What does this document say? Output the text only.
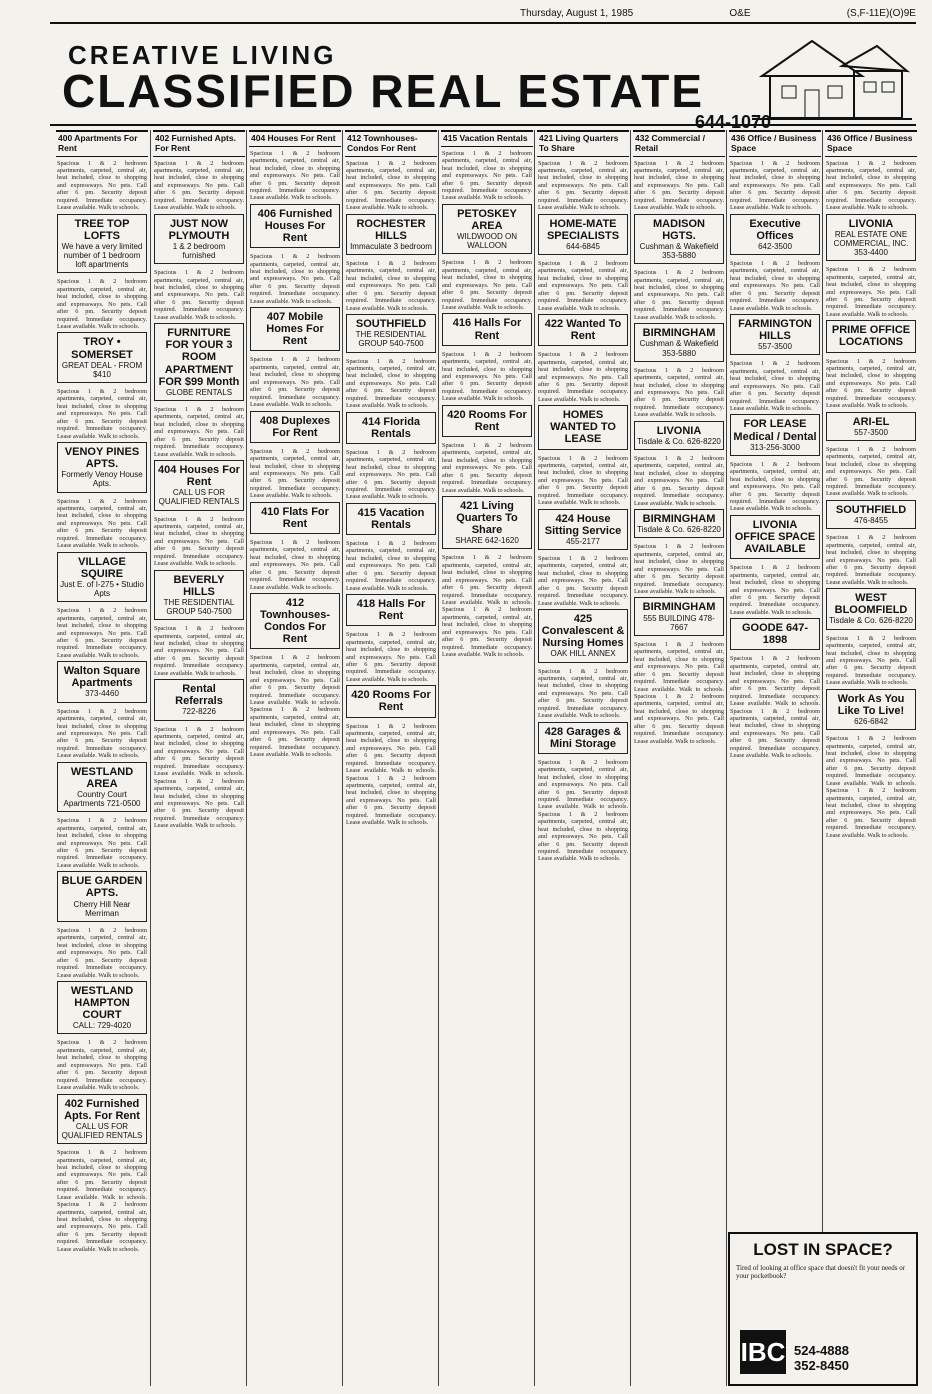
Thursday, August 1, 1985	O&E	(S,F-11E)(O)9E
CREATIVE LIVING
CLASSIFIED REAL ESTATE
644-1070
400 Apartments For Rent
Spacious 1 & 2 bedroom apartments, carpeted, central air, heat included, close to shopping and expressways. No pets. Call after 6 pm. Security deposit required. Immediate occupancy. Lease available. Walk to schools.
TREE TOP LOFTS
We have a very limited number of 1 bedroom loft apartments
Spacious 1 & 2 bedroom apartments, carpeted, central air, heat included, close to shopping and expressways. No pets. Call after 6 pm. Security deposit required. Immediate occupancy. Lease available. Walk to schools.
TROY • SOMERSET
GREAT DEAL - FROM $410
Spacious 1 & 2 bedroom apartments, carpeted, central air, heat included, close to shopping and expressways. No pets. Call after 6 pm. Security deposit required. Immediate occupancy. Lease available. Walk to schools.
VENOY PINES APTS.
Formerly Venoy House Apts.
Spacious 1 & 2 bedroom apartments, carpeted, central air, heat included, close to shopping and expressways. No pets. Call after 6 pm. Security deposit required. Immediate occupancy. Lease available. Walk to schools.
VILLAGE SQUIRE
Just E. of I-275 • Studio Apts
Spacious 1 & 2 bedroom apartments, carpeted, central air, heat included, close to shopping and expressways. No pets. Call after 6 pm. Security deposit required. Immediate occupancy. Lease available. Walk to schools.
Walton Square Apartments
373-4460
Spacious 1 & 2 bedroom apartments, carpeted, central air, heat included, close to shopping and expressways. No pets. Call after 6 pm. Security deposit required. Immediate occupancy. Lease available. Walk to schools.
WESTLAND AREA
Country Court Apartments 721-0500
Spacious 1 & 2 bedroom apartments, carpeted, central air, heat included, close to shopping and expressways. No pets. Call after 6 pm. Security deposit required. Immediate occupancy. Lease available. Walk to schools.
BLUE GARDEN APTS.
Cherry Hill Near Merriman
Spacious 1 & 2 bedroom apartments, carpeted, central air, heat included, close to shopping and expressways. No pets. Call after 6 pm. Security deposit required. Immediate occupancy. Lease available. Walk to schools.
WESTLAND HAMPTON COURT
CALL: 729-4020
Spacious 1 & 2 bedroom apartments, carpeted, central air, heat included, close to shopping and expressways. No pets. Call after 6 pm. Security deposit required. Immediate occupancy. Lease available. Walk to schools.
402 Furnished Apts. For Rent
CALL US FOR QUALIFIED RENTALS
Spacious 1 & 2 bedroom apartments, carpeted, central air, heat included, close to shopping and expressways. No pets. Call after 6 pm. Security deposit required. Immediate occupancy. Lease available. Walk to schools. Spacious 1 & 2 bedroom apartments, carpeted, central air, heat included, close to shopping and expressways. No pets. Call after 6 pm. Security deposit required. Immediate occupancy. Lease available. Walk to schools.
402 Furnished Apts. For Rent
Spacious 1 & 2 bedroom apartments, carpeted, central air, heat included, close to shopping and expressways. No pets. Call after 6 pm. Security deposit required. Immediate occupancy. Lease available. Walk to schools.
JUST NOW PLYMOUTH
1 & 2 bedroom furnished
Spacious 1 & 2 bedroom apartments, carpeted, central air, heat included, close to shopping and expressways. No pets. Call after 6 pm. Security deposit required. Immediate occupancy. Lease available. Walk to schools.
FURNITURE FOR YOUR 3 ROOM APARTMENT FOR $99 Month
GLOBE RENTALS
Spacious 1 & 2 bedroom apartments, carpeted, central air, heat included, close to shopping and expressways. No pets. Call after 6 pm. Security deposit required. Immediate occupancy. Lease available. Walk to schools.
404 Houses For Rent
CALL US FOR QUALIFIED RENTALS
Spacious 1 & 2 bedroom apartments, carpeted, central air, heat included, close to shopping and expressways. No pets. Call after 6 pm. Security deposit required. Immediate occupancy. Lease available. Walk to schools.
BEVERLY HILLS
THE RESIDENTIAL GROUP 540-7500
Spacious 1 & 2 bedroom apartments, carpeted, central air, heat included, close to shopping and expressways. No pets. Call after 6 pm. Security deposit required. Immediate occupancy. Lease available. Walk to schools.
Rental Referrals
722-8226
Spacious 1 & 2 bedroom apartments, carpeted, central air, heat included, close to shopping and expressways. No pets. Call after 6 pm. Security deposit required. Immediate occupancy. Lease available. Walk to schools. Spacious 1 & 2 bedroom apartments, carpeted, central air, heat included, close to shopping and expressways. No pets. Call after 6 pm. Security deposit required. Immediate occupancy. Lease available. Walk to schools.
404 Houses For Rent
Spacious 1 & 2 bedroom apartments, carpeted, central air, heat included, close to shopping and expressways. No pets. Call after 6 pm. Security deposit required. Immediate occupancy. Lease available. Walk to schools.
406 Furnished Houses For Rent
Spacious 1 & 2 bedroom apartments, carpeted, central air, heat included, close to shopping and expressways. No pets. Call after 6 pm. Security deposit required. Immediate occupancy. Lease available. Walk to schools.
407 Mobile Homes For Rent
Spacious 1 & 2 bedroom apartments, carpeted, central air, heat included, close to shopping and expressways. No pets. Call after 6 pm. Security deposit required. Immediate occupancy. Lease available. Walk to schools.
408 Duplexes For Rent
Spacious 1 & 2 bedroom apartments, carpeted, central air, heat included, close to shopping and expressways. No pets. Call after 6 pm. Security deposit required. Immediate occupancy. Lease available. Walk to schools.
410 Flats For Rent
Spacious 1 & 2 bedroom apartments, carpeted, central air, heat included, close to shopping and expressways. No pets. Call after 6 pm. Security deposit required. Immediate occupancy. Lease available. Walk to schools.
412 Townhouses-Condos For Rent
Spacious 1 & 2 bedroom apartments, carpeted, central air, heat included, close to shopping and expressways. No pets. Call after 6 pm. Security deposit required. Immediate occupancy. Lease available. Walk to schools. Spacious 1 & 2 bedroom apartments, carpeted, central air, heat included, close to shopping and expressways. No pets. Call after 6 pm. Security deposit required. Immediate occupancy. Lease available. Walk to schools.
412 Townhouses-Condos For Rent
Spacious 1 & 2 bedroom apartments, carpeted, central air, heat included, close to shopping and expressways. No pets. Call after 6 pm. Security deposit required. Immediate occupancy. Lease available. Walk to schools.
ROCHESTER HILLS
Immaculate 3 bedroom
Spacious 1 & 2 bedroom apartments, carpeted, central air, heat included, close to shopping and expressways. No pets. Call after 6 pm. Security deposit required. Immediate occupancy. Lease available. Walk to schools.
SOUTHFIELD
THE RESIDENTIAL GROUP 540-7500
Spacious 1 & 2 bedroom apartments, carpeted, central air, heat included, close to shopping and expressways. No pets. Call after 6 pm. Security deposit required. Immediate occupancy. Lease available. Walk to schools.
414 Florida Rentals
Spacious 1 & 2 bedroom apartments, carpeted, central air, heat included, close to shopping and expressways. No pets. Call after 6 pm. Security deposit required. Immediate occupancy. Lease available. Walk to schools.
415 Vacation Rentals
Spacious 1 & 2 bedroom apartments, carpeted, central air, heat included, close to shopping and expressways. No pets. Call after 6 pm. Security deposit required. Immediate occupancy. Lease available. Walk to schools.
418 Halls For Rent
Spacious 1 & 2 bedroom apartments, carpeted, central air, heat included, close to shopping and expressways. No pets. Call after 6 pm. Security deposit required. Immediate occupancy. Lease available. Walk to schools.
420 Rooms For Rent
Spacious 1 & 2 bedroom apartments, carpeted, central air, heat included, close to shopping and expressways. No pets. Call after 6 pm. Security deposit required. Immediate occupancy. Lease available. Walk to schools. Spacious 1 & 2 bedroom apartments, carpeted, central air, heat included, close to shopping and expressways. No pets. Call after 6 pm. Security deposit required. Immediate occupancy. Lease available. Walk to schools.
415 Vacation Rentals
Spacious 1 & 2 bedroom apartments, carpeted, central air, heat included, close to shopping and expressways. No pets. Call after 6 pm. Security deposit required. Immediate occupancy. Lease available. Walk to schools.
PETOSKEY AREA
WILDWOOD ON WALLOON
Spacious 1 & 2 bedroom apartments, carpeted, central air, heat included, close to shopping and expressways. No pets. Call after 6 pm. Security deposit required. Immediate occupancy. Lease available. Walk to schools.
416 Halls For Rent
Spacious 1 & 2 bedroom apartments, carpeted, central air, heat included, close to shopping and expressways. No pets. Call after 6 pm. Security deposit required. Immediate occupancy. Lease available. Walk to schools.
420 Rooms For Rent
Spacious 1 & 2 bedroom apartments, carpeted, central air, heat included, close to shopping and expressways. No pets. Call after 6 pm. Security deposit required. Immediate occupancy. Lease available. Walk to schools.
421 Living Quarters To Share
SHARE 642-1620
Spacious 1 & 2 bedroom apartments, carpeted, central air, heat included, close to shopping and expressways. No pets. Call after 6 pm. Security deposit required. Immediate occupancy. Lease available. Walk to schools. Spacious 1 & 2 bedroom apartments, carpeted, central air, heat included, close to shopping and expressways. No pets. Call after 6 pm. Security deposit required. Immediate occupancy. Lease available. Walk to schools.
421 Living Quarters To Share
Spacious 1 & 2 bedroom apartments, carpeted, central air, heat included, close to shopping and expressways. No pets. Call after 6 pm. Security deposit required. Immediate occupancy. Lease available. Walk to schools.
HOME-MATE SPECIALISTS
644-6845
Spacious 1 & 2 bedroom apartments, carpeted, central air, heat included, close to shopping and expressways. No pets. Call after 6 pm. Security deposit required. Immediate occupancy. Lease available. Walk to schools.
422 Wanted To Rent
Spacious 1 & 2 bedroom apartments, carpeted, central air, heat included, close to shopping and expressways. No pets. Call after 6 pm. Security deposit required. Immediate occupancy. Lease available. Walk to schools.
HOMES WANTED TO LEASE
Spacious 1 & 2 bedroom apartments, carpeted, central air, heat included, close to shopping and expressways. No pets. Call after 6 pm. Security deposit required. Immediate occupancy. Lease available. Walk to schools.
424 House Sitting Service
455-2177
Spacious 1 & 2 bedroom apartments, carpeted, central air, heat included, close to shopping and expressways. No pets. Call after 6 pm. Security deposit required. Immediate occupancy. Lease available. Walk to schools.
425 Convalescent & Nursing Homes
OAK HILL ANNEX
Spacious 1 & 2 bedroom apartments, carpeted, central air, heat included, close to shopping and expressways. No pets. Call after 6 pm. Security deposit required. Immediate occupancy. Lease available. Walk to schools.
428 Garages & Mini Storage
Spacious 1 & 2 bedroom apartments, carpeted, central air, heat included, close to shopping and expressways. No pets. Call after 6 pm. Security deposit required. Immediate occupancy. Lease available. Walk to schools. Spacious 1 & 2 bedroom apartments, carpeted, central air, heat included, close to shopping and expressways. No pets. Call after 6 pm. Security deposit required. Immediate occupancy. Lease available. Walk to schools.
432 Commercial / Retail
Spacious 1 & 2 bedroom apartments, carpeted, central air, heat included, close to shopping and expressways. No pets. Call after 6 pm. Security deposit required. Immediate occupancy. Lease available. Walk to schools.
MADISON HGTS.
Cushman & Wakefield 353-5880
Spacious 1 & 2 bedroom apartments, carpeted, central air, heat included, close to shopping and expressways. No pets. Call after 6 pm. Security deposit required. Immediate occupancy. Lease available. Walk to schools.
BIRMINGHAM
Cushman & Wakefield 353-5880
Spacious 1 & 2 bedroom apartments, carpeted, central air, heat included, close to shopping and expressways. No pets. Call after 6 pm. Security deposit required. Immediate occupancy. Lease available. Walk to schools.
LIVONIA
Tisdale & Co. 626-8220
Spacious 1 & 2 bedroom apartments, carpeted, central air, heat included, close to shopping and expressways. No pets. Call after 6 pm. Security deposit required. Immediate occupancy. Lease available. Walk to schools.
BIRMINGHAM
Tisdale & Co. 626-8220
Spacious 1 & 2 bedroom apartments, carpeted, central air, heat included, close to shopping and expressways. No pets. Call after 6 pm. Security deposit required. Immediate occupancy. Lease available. Walk to schools.
BIRMINGHAM
555 BUILDING 478-7667
Spacious 1 & 2 bedroom apartments, carpeted, central air, heat included, close to shopping and expressways. No pets. Call after 6 pm. Security deposit required. Immediate occupancy. Lease available. Walk to schools. Spacious 1 & 2 bedroom apartments, carpeted, central air, heat included, close to shopping and expressways. No pets. Call after 6 pm. Security deposit required. Immediate occupancy. Lease available. Walk to schools.
436 Office / Business Space
Spacious 1 & 2 bedroom apartments, carpeted, central air, heat included, close to shopping and expressways. No pets. Call after 6 pm. Security deposit required. Immediate occupancy. Lease available. Walk to schools.
Executive Offices
642-3500
Spacious 1 & 2 bedroom apartments, carpeted, central air, heat included, close to shopping and expressways. No pets. Call after 6 pm. Security deposit required. Immediate occupancy. Lease available. Walk to schools.
FARMINGTON HILLS
557-3500
Spacious 1 & 2 bedroom apartments, carpeted, central air, heat included, close to shopping and expressways. No pets. Call after 6 pm. Security deposit required. Immediate occupancy. Lease available. Walk to schools.
FOR LEASE Medical / Dental
313-256-3000
Spacious 1 & 2 bedroom apartments, carpeted, central air, heat included, close to shopping and expressways. No pets. Call after 6 pm. Security deposit required. Immediate occupancy. Lease available. Walk to schools.
LIVONIA OFFICE SPACE AVAILABLE
Spacious 1 & 2 bedroom apartments, carpeted, central air, heat included, close to shopping and expressways. No pets. Call after 6 pm. Security deposit required. Immediate occupancy. Lease available. Walk to schools.
GOODE 647-1898
Spacious 1 & 2 bedroom apartments, carpeted, central air, heat included, close to shopping and expressways. No pets. Call after 6 pm. Security deposit required. Immediate occupancy. Lease available. Walk to schools. Spacious 1 & 2 bedroom apartments, carpeted, central air, heat included, close to shopping and expressways. No pets. Call after 6 pm. Security deposit required. Immediate occupancy. Lease available. Walk to schools.
436 Office / Business Space
Spacious 1 & 2 bedroom apartments, carpeted, central air, heat included, close to shopping and expressways. No pets. Call after 6 pm. Security deposit required. Immediate occupancy. Lease available. Walk to schools.
LIVONIA
REAL ESTATE ONE COMMERCIAL, INC. 353-4400
Spacious 1 & 2 bedroom apartments, carpeted, central air, heat included, close to shopping and expressways. No pets. Call after 6 pm. Security deposit required. Immediate occupancy. Lease available. Walk to schools.
PRIME OFFICE LOCATIONS
Spacious 1 & 2 bedroom apartments, carpeted, central air, heat included, close to shopping and expressways. No pets. Call after 6 pm. Security deposit required. Immediate occupancy. Lease available. Walk to schools.
ARI-EL
557-3500
Spacious 1 & 2 bedroom apartments, carpeted, central air, heat included, close to shopping and expressways. No pets. Call after 6 pm. Security deposit required. Immediate occupancy. Lease available. Walk to schools.
SOUTHFIELD
476-8455
Spacious 1 & 2 bedroom apartments, carpeted, central air, heat included, close to shopping and expressways. No pets. Call after 6 pm. Security deposit required. Immediate occupancy. Lease available. Walk to schools.
WEST BLOOMFIELD
Tisdale & Co. 626-8220
Spacious 1 & 2 bedroom apartments, carpeted, central air, heat included, close to shopping and expressways. No pets. Call after 6 pm. Security deposit required. Immediate occupancy. Lease available. Walk to schools.
Work As You Like To Live!
626-6842
Spacious 1 & 2 bedroom apartments, carpeted, central air, heat included, close to shopping and expressways. No pets. Call after 6 pm. Security deposit required. Immediate occupancy. Lease available. Walk to schools. Spacious 1 & 2 bedroom apartments, carpeted, central air, heat included, close to shopping and expressways. No pets. Call after 6 pm. Security deposit required. Immediate occupancy. Lease available. Walk to schools.
LOST IN SPACE?
Tired of looking at office space that doesn't fit your needs or your pocketbook?
IBC 524-4888
352-8450
